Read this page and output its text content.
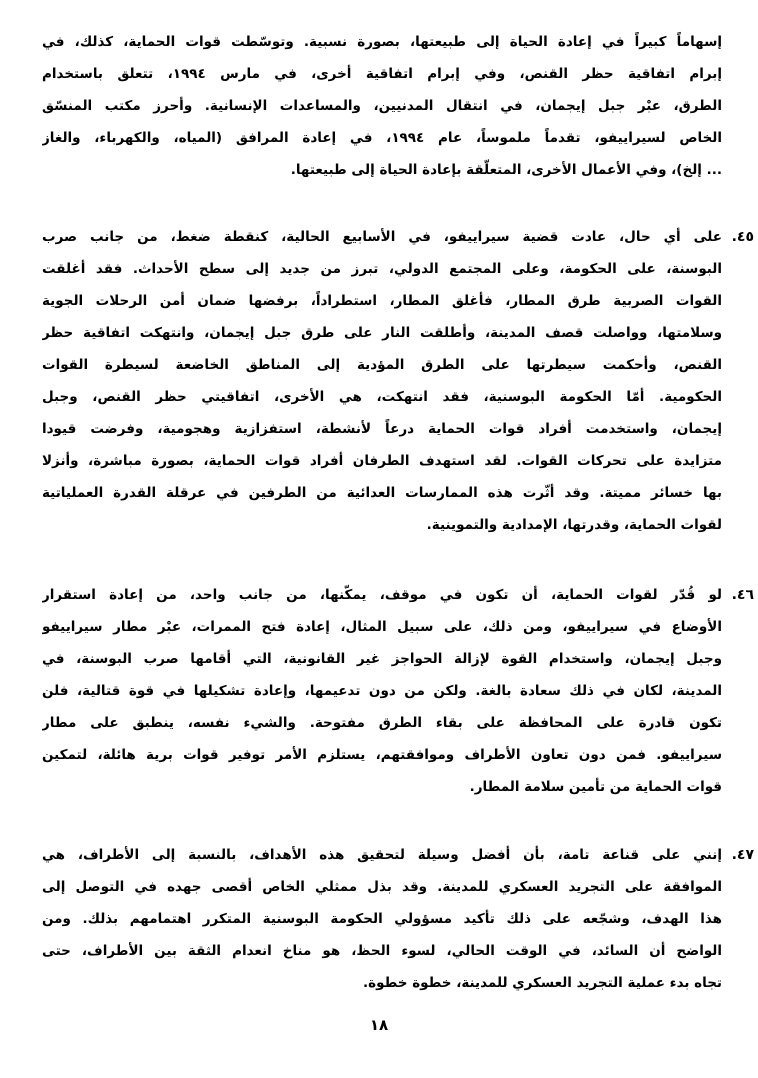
إسهاماً كبيراً في إعادة الحياة إلى طبيعتها، بصورة نسبية. وتوسّطت قوات الحماية، كذلك، في
إبرام اتفاقية حظر القنص، وفي إبرام اتفاقية أخرى، في مارس ١٩٩٤، تتعلق باستخدام
الطرق، عبْر جبل إيجمان، في انتقال المدنيين، والمساعدات الإنسانية. وأحرز مكتب المنسّق
الخاص لسيراييفو، تقدماً ملموساً، عام ١٩٩٤، في إعادة المرافق (المياه، والكهرباء، والغاز
... إلخ)، وفي الأعمال الأخرى، المتعلّقة بإعادة الحياة إلى طبيعتها.
٤٥.
على أي حال، عادت قضية سيراييفو، في الأسابيع الحالية، كنقطة ضغط، من جانب صرب
البوسنة، على الحكومة، وعلى المجتمع الدولي، تبرز من جديد إلى سطح الأحداث. فقد أغلقت
القوات الصربية طرق المطار، فأغلق المطار، استطراداً، برفضها ضمان أمن الرحلات الجوية
وسلامتها، وواصلت قصف المدينة، وأطلقت النار على طرق جبل إيجمان، وانتهكت اتفاقية حظر
القنص، وأحكمت سيطرتها على الطرق المؤدية إلى المناطق الخاضعة لسيطرة القوات
الحكومية. أمّا الحكومة البوسنية، فقد انتهكت، هي الأخرى، اتفاقيتي حظر القنص، وجبل
إيجمان، واستخدمت أفراد قوات الحماية درعاً لأنشطة، استفزازية وهجومية، وفرضت قيودا
متزايدة على تحركات القوات. لقد استهدف الطرفان أفراد قوات الحماية، بصورة مباشرة، وأنزلا
بها خسائر مميتة. وقد أثّرت هذه الممارسات العدائية من الطرفين في عرقلة القدرة العملياتية
لقوات الحماية، وقدرتها، الإمدادية والتموينية.
٤٦.
لو قُدّر لقوات الحماية، أن تكون في موقف، يمكّنها، من جانب واحد، من إعادة استقرار
الأوضاع في سيراييفو، ومن ذلك، على سبيل المثال، إعادة فتح الممرات، عبْر مطار سيراييفو
وجبل إيجمان، واستخدام القوة لإزالة الحواجز غير القانونية، التي أقامها صرب البوسنة، في
المدينة، لكان في ذلك سعادة بالغة. ولكن من دون تدعيمها، وإعادة تشكيلها في قوة قتالية، فلن
تكون قادرة على المحافظة على بقاء الطرق مفتوحة. والشيء نفسه، ينطبق على مطار
سيراييفو. فمن دون تعاون الأطراف وموافقتهم، يستلزم الأمر توفير قوات برية هائلة، لتمكين
قوات الحماية من تأمين سلامة المطار.
٤٧.
إنني على قناعة تامة، بأن أفضل وسيلة لتحقيق هذه الأهداف، بالنسبة إلى الأطراف، هي
الموافقة على التجريد العسكري للمدينة. وقد بذل ممثلي الخاص أقصى جهده في التوصل إلى
هذا الهدف، وشجّعه على ذلك تأكيد مسؤولي الحكومة البوسنية المتكرر اهتمامهم بذلك. ومن
الواضح أن السائد، في الوقت الحالي، لسوء الحظ، هو مناخ انعدام الثقة بين الأطراف، حتى
تجاه بدء عملية التجريد العسكري للمدينة، خطوة خطوة.
١٨
